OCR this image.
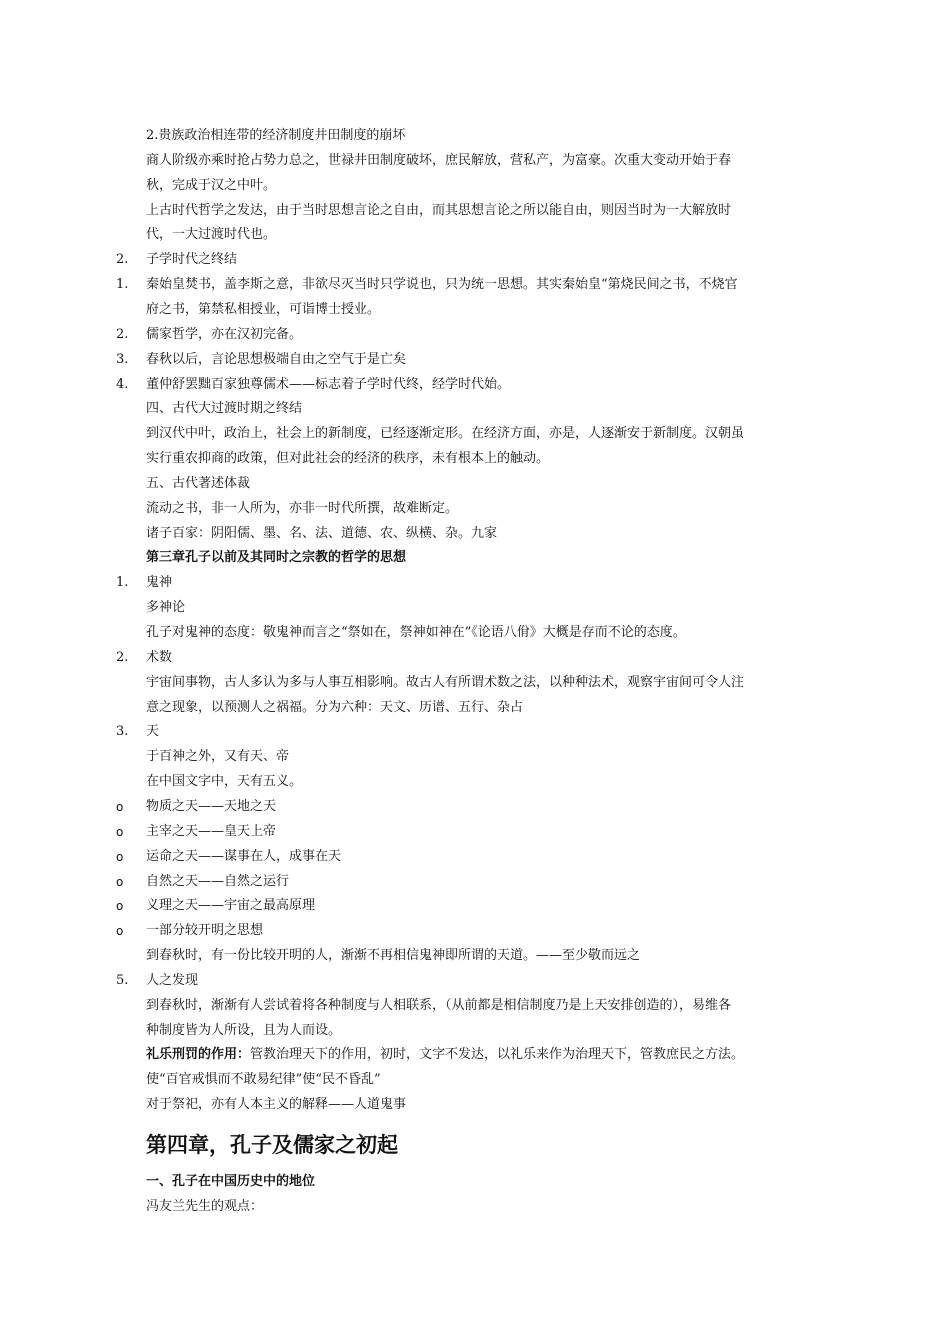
2.贵族政治相连带的经济制度井田制度的崩坏
商人阶级亦乘时抢占势力总之，世禄井田制度破坏，庶民解放，营私产，为富豪。次重大变动开始于春
秋，完成于汉之中叶。
上古时代哲学之发达，由于当时思想言论之自由，而其思想言论之所以能自由，则因当时为一大解放时
代，一大过渡时代也。
2. 子学时代之终结
1. 秦始皇焚书，盖李斯之意，非欲尽灭当时只学说也，只为统一思想。其实秦始皇“第烧民间之书，不烧官
府之书，第禁私相授业，可诣博士授业。
2. 儒家哲学，亦在汉初完备。
3. 春秋以后，言论思想极端自由之空气于是亡矣
4. 董仲舒罢黜百家独尊儒术——标志着子学时代终，经学时代始。
四、古代大过渡时期之终结
到汉代中叶，政治上，社会上的新制度，已经逐渐定形。在经济方面，亦是，人逐渐安于新制度。汉朝虽
实行重农抑商的政策，但对此社会的经济的秩序，未有根本上的触动。
五、古代著述体裁
流动之书，非一人所为，亦非一时代所撰，故难断定。
诸子百家：阴阳儒、墨、名、法、道德、农、纵横、杂。九家
第三章孔子以前及其同时之宗教的哲学的思想
1. 鬼神
多神论
孔子对鬼神的态度：敬鬼神而言之“祭如在，祭神如神在”《论语八佾》大概是存而不论的态度。
2. 术数
宇宙间事物，古人多认为多与人事互相影响。故古人有所谓术数之法，以种种法术，观察宇宙间可令人注
意之现象，以预测人之祸福。分为六种：天文、历谱、五行、杂占
3. 天
于百神之外，又有天、帝
在中国文字中，天有五义。
o 物质之天——天地之天
o 主宰之天——皇天上帝
o 运命之天——谋事在人，成事在天
o 自然之天——自然之运行
o 义理之天——宇宙之最高原理
o 一部分较开明之思想
到春秋时，有一份比较开明的人，渐渐不再相信鬼神即所谓的天道。——至少敬而远之
5. 人之发现
到春秋时，渐渐有人尝试着将各种制度与人相联系，（从前都是相信制度乃是上天安排创造的），易维各
种制度皆为人所设，且为人而设。
礼乐刑罚的作用：管教治理天下的作用，初时，文字不发达，以礼乐来作为治理天下，管教庶民之方法。
使“百官戒惧而不敢易纪律”使“民不昏乱”
对于祭祀，亦有人本主义的解释——人道鬼事
第四章，孔子及儒家之初起
一、孔子在中国历史中的地位
冯友兰先生的观点：
